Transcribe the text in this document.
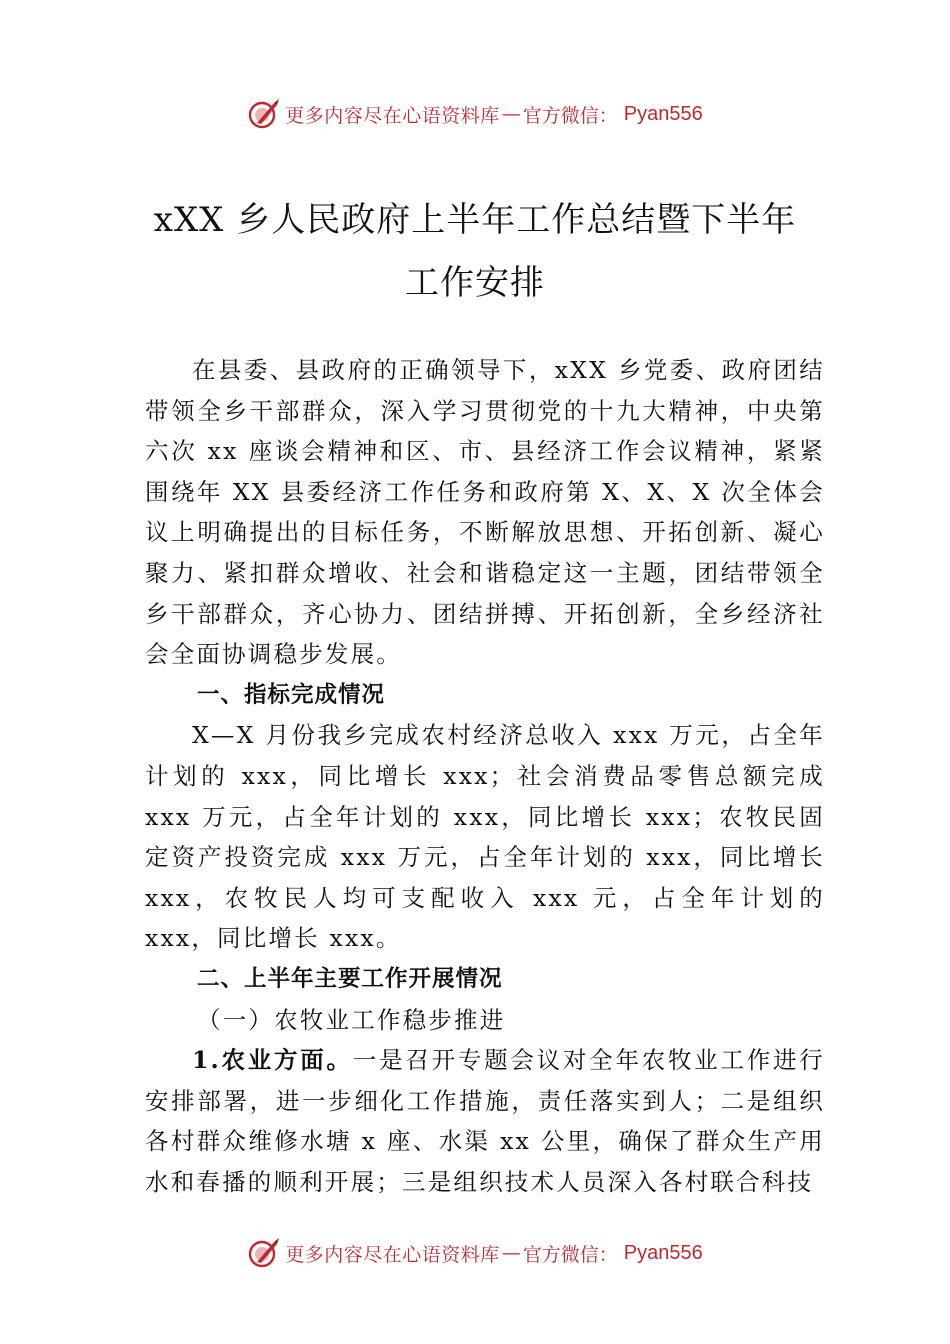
更多内容尽在心语资料库 — 官方微信： Pyan556
xXX 乡人民政府上半年工作总结暨下半年
工作安排

在县委、县政府的正确领导下，xXX 乡党委、政府团结带领全乡干部群众，深入学习贯彻党的十九大精神，中央第六次 xx 座谈会精神和区、市、县经济工作会议精神，紧紧围绕年 XX 县委经济工作任务和政府第 X、X、X 次全体会议上明确提出的目标任务，不断解放思想、开拓创新、凝心聚力、紧扣群众增收、社会和谐稳定这一主题，团结带领全乡干部群众，齐心协力、团结拼搏、开拓创新，全乡经济社会全面协调稳步发展。

一、指标完成情况

X—X 月份我乡完成农村经济总收入 xxx 万元，占全年计划的 xxx，同比增长 xxx；社会消费品零售总额完成 xxx 万元，占全年计划的 xxx，同比增长 xxx；农牧民固定资产投资完成 xxx 万元，占全年计划的 xxx，同比增长 xxx，农牧民人均可支配收入 xxx 元，占全年计划的 xxx，同比增长 xxx。

二、上半年主要工作开展情况

（一）农牧业工作稳步推进

1.农业方面。一是召开专题会议对全年农牧业工作进行安排部署，进一步细化工作措施，责任落实到人；二是组织各村群众维修水塘 x 座、水渠 xx 公里，确保了群众生产用水和春播的顺利开展；三是组织技术人员深入各村联合科技

更多内容尽在心语资料库 — 官方微信： Pyan556
